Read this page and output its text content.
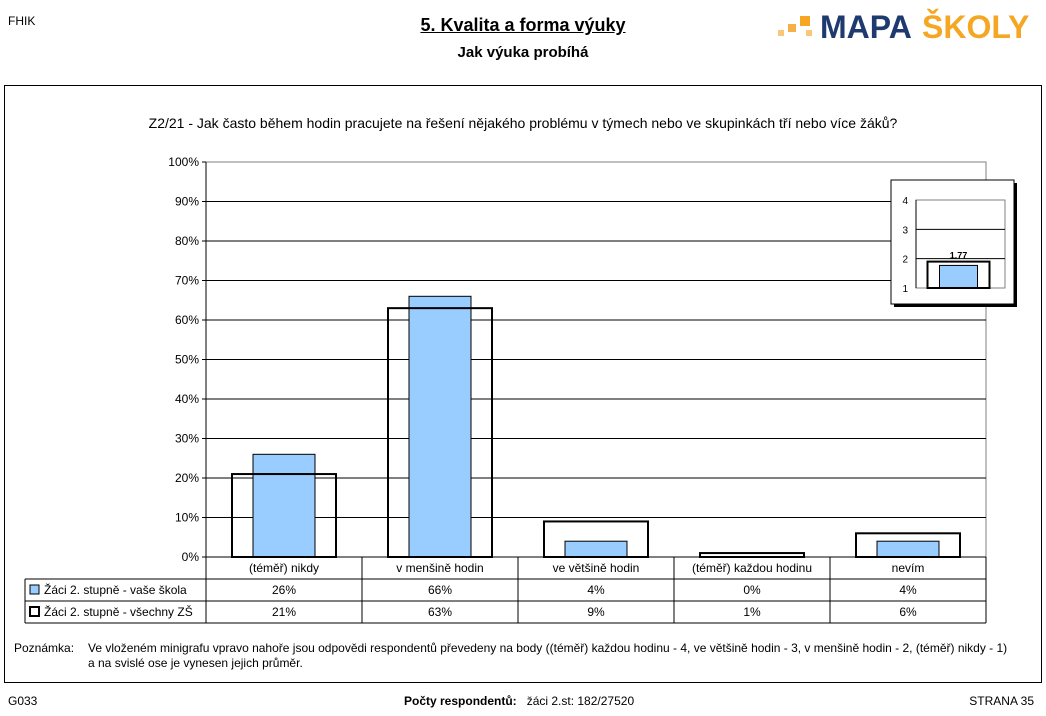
FHIK	5. Kvalita a forma výuky
Jak výuka probíhá
MAPA ŠKOLY
Z2/21 - Jak často během hodin pracujete na řešení nějakého problému v týmech nebo ve skupinkách tří nebo více žáků?
0%
10%
20%
30%
40%
50%
60%
70%
80%
90%
100%
(téměř) nikdy	v menšině hodin	ve většině hodin	(téměř) každou hodinu	nevím
Žáci 2. stupně - vaše škola	26%	66%	4%	0%	4%
Žáci 2. stupně - všechny ZŠ	21%	63%	9%	1%	6%
1
2
3
4
1.77
Poznámka: Ve vloženém minigrafu vpravo nahoře jsou odpovědi respondentů převedeny na body ((téměř) každou hodinu - 4, ve většině hodin - 3, v menšině hodin - 2, (téměř) nikdy - 1)
a na svislé ose je vynesen jejich průměr.
G033	Počty respondentů: žáci 2.st: 182/27520	STRANA 35
